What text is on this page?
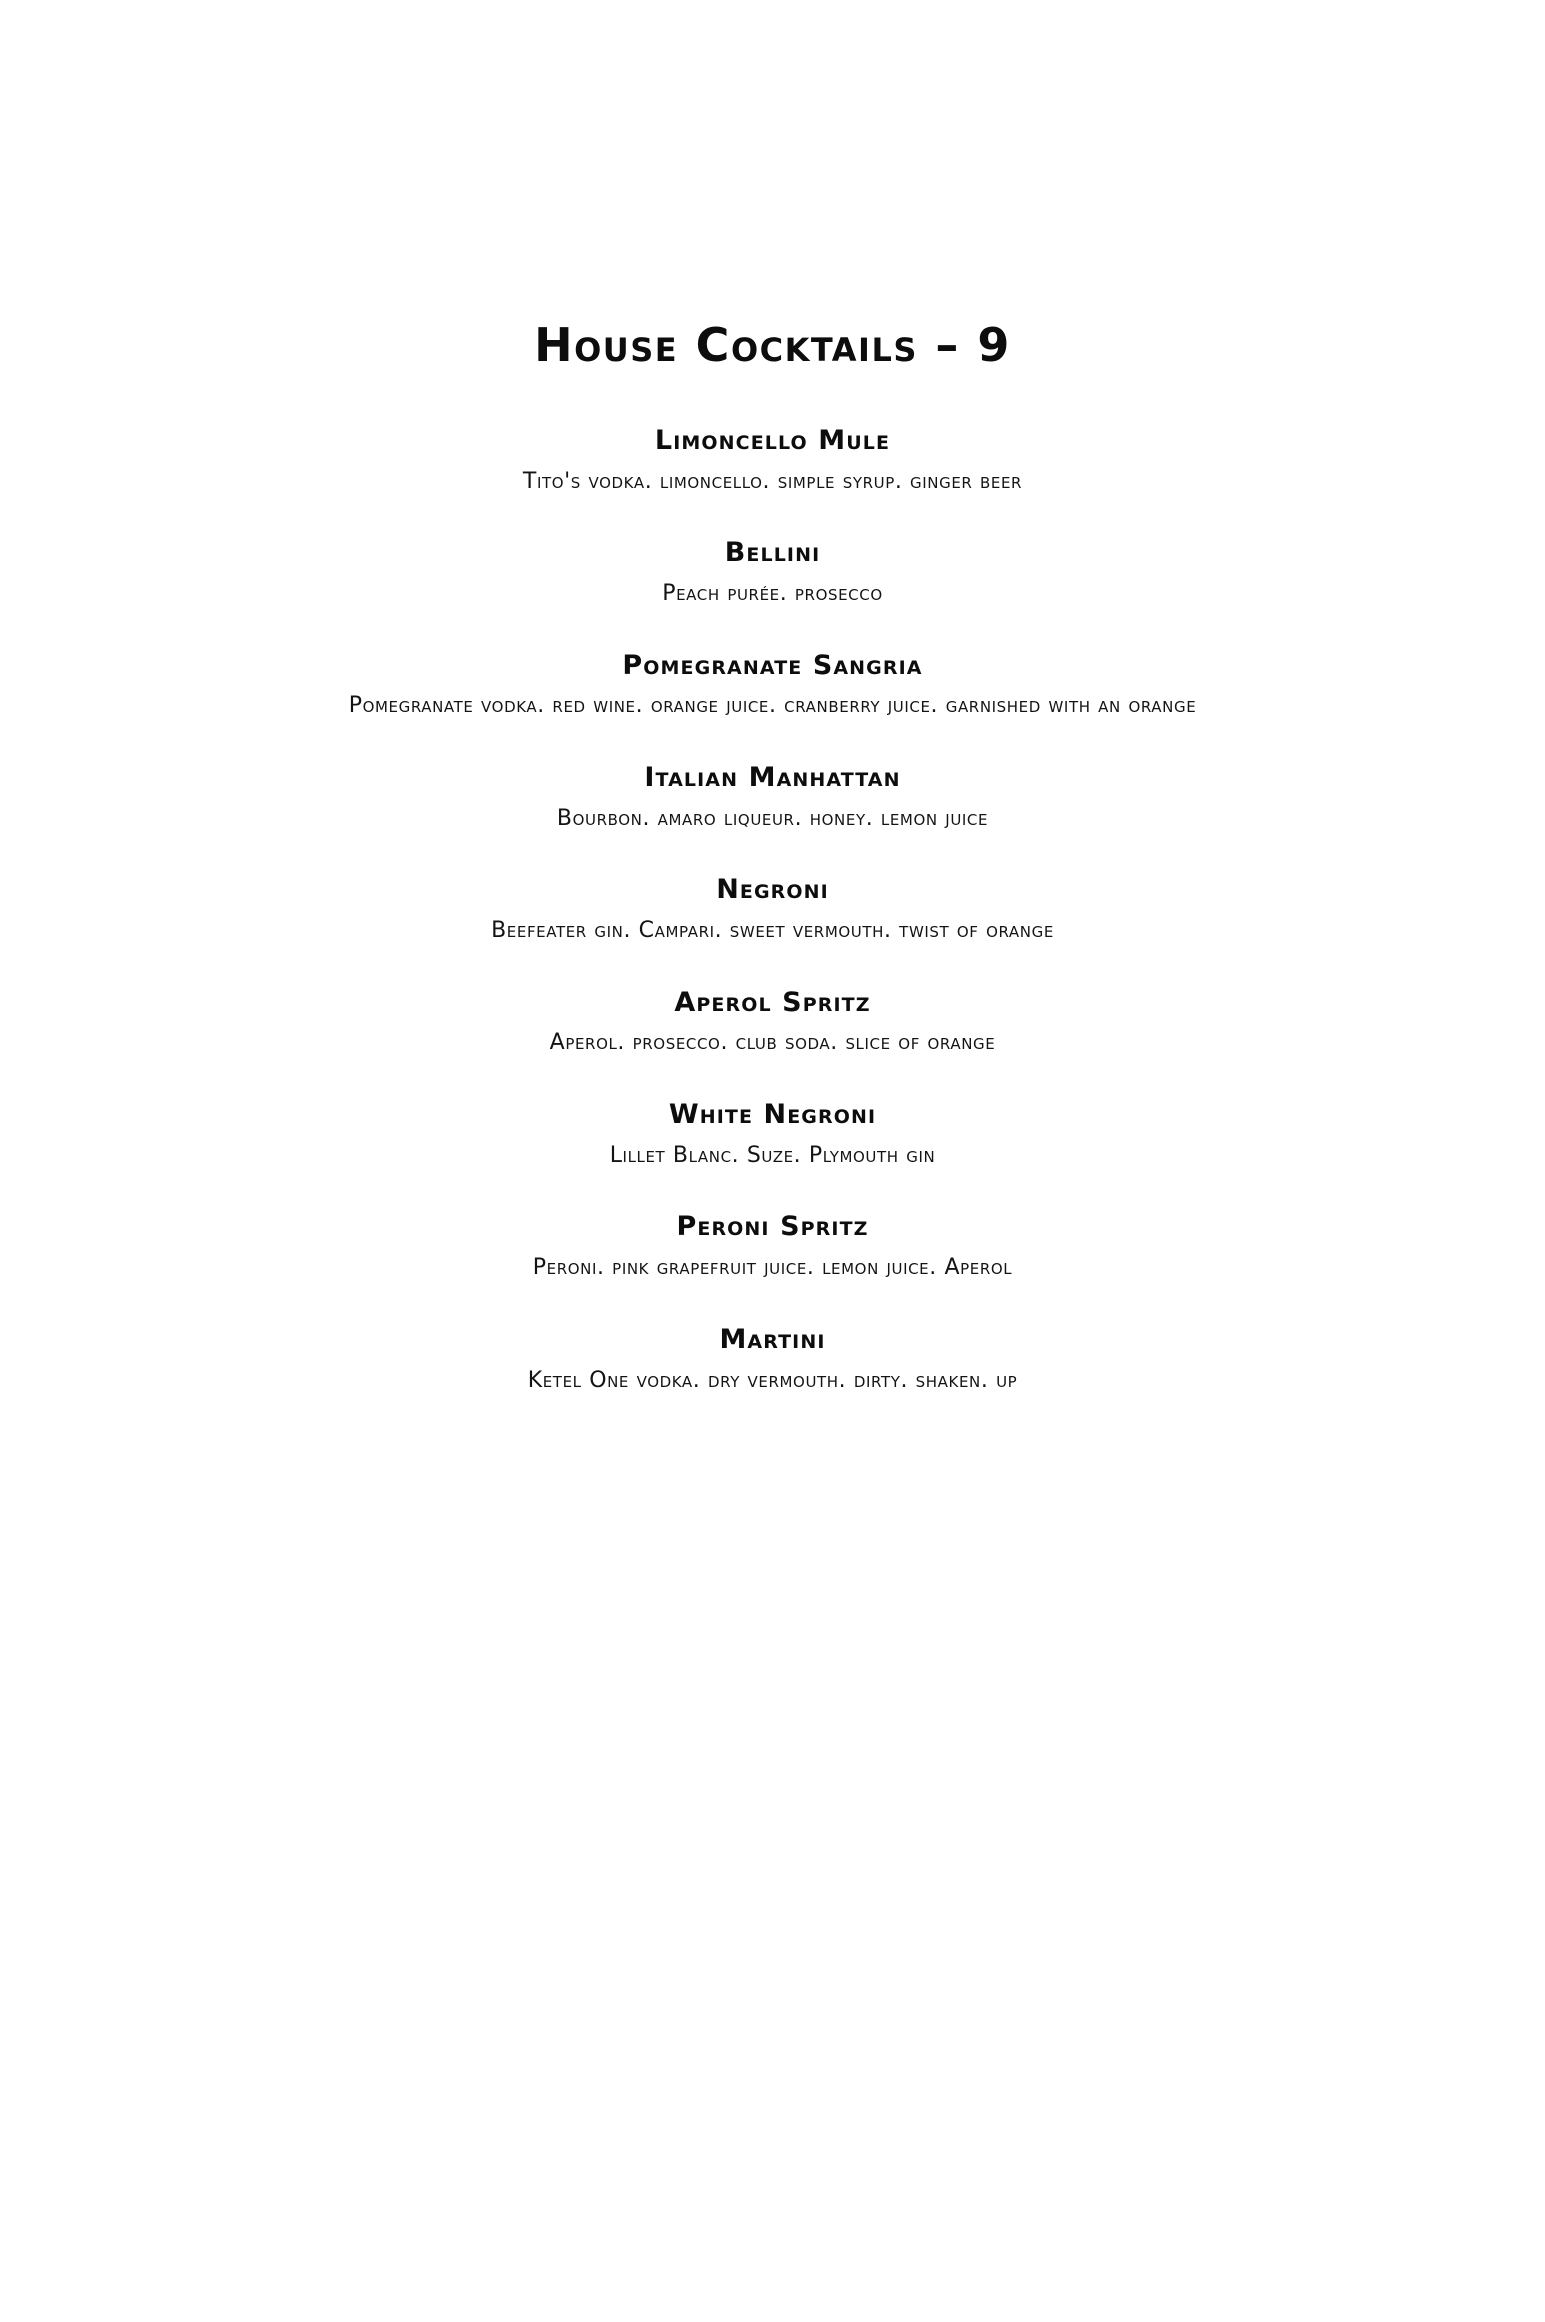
House Cocktails – 9
Limoncello Mule
Tito's vodka. limoncello. simple syrup. ginger beer
Bellini
Peach purée. prosecco
Pomegranate Sangria
Pomegranate vodka. red wine. orange juice. cranberry juice. garnished with an orange
Italian Manhattan
Bourbon. amaro liqueur. honey. lemon juice
Negroni
Beefeater gin. Campari. sweet vermouth. twist of orange
Aperol Spritz
Aperol. prosecco. club soda. slice of orange
White Negroni
Lillet Blanc. Suze. Plymouth gin
Peroni Spritz
Peroni. pink grapefruit juice. lemon juice. Aperol
Martini
Ketel One vodka. dry vermouth. dirty. shaken. up
